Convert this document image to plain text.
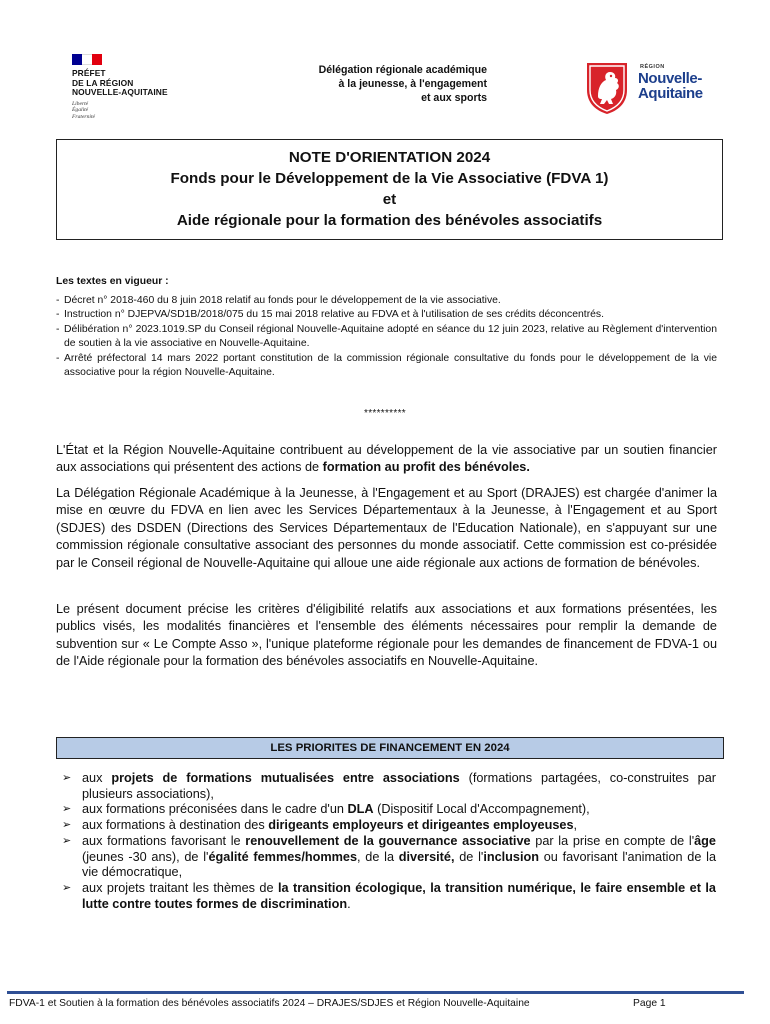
PRÉFET
DE LA RÉGION
NOUVELLE-AQUITAINE
Liberté
Égalité
Fraternité
Délégation régionale académique
à la jeunesse, à l'engagement
et aux sports
RÉGION
Nouvelle-
Aquitaine
NOTE D'ORIENTATION 2024
Fonds pour le Développement de la Vie Associative (FDVA 1)
et
Aide régionale pour la formation des bénévoles associatifs
Les textes en vigueur :
- Décret n° 2018-460 du 8 juin 2018 relatif au fonds pour le développement de la vie associative.
- Instruction n° DJEPVA/SD1B/2018/075 du 15 mai 2018 relative au FDVA et à l'utilisation de ses crédits déconcentrés.
- Délibération n° 2023.1019.SP du Conseil régional Nouvelle-Aquitaine adopté en séance du 12 juin 2023, relative au Règlement d'intervention de soutien à la vie associative en Nouvelle-Aquitaine.
- Arrêté préfectoral 14 mars 2022 portant constitution de la commission régionale consultative du fonds pour le développement de la vie associative pour la région Nouvelle-Aquitaine.
**********
L'État et la Région Nouvelle-Aquitaine contribuent au développement de la vie associative par un soutien financier aux associations qui présentent des actions de formation au profit des bénévoles.
La Délégation Régionale Académique à la Jeunesse, à l'Engagement et au Sport (DRAJES) est chargée d'animer la mise en œuvre du FDVA en lien avec les Services Départementaux à la Jeunesse, à l'Engagement et au Sport (SDJES) des DSDEN (Directions des Services Départementaux de l'Education Nationale), en s'appuyant sur une commission régionale consultative associant des personnes du monde associatif. Cette commission est co-présidée par le Conseil régional de Nouvelle-Aquitaine qui alloue une aide régionale aux actions de formation de bénévoles.
Le présent document précise les critères d'éligibilité relatifs aux associations et aux formations présentées, les publics visés, les modalités financières et l'ensemble des éléments nécessaires pour remplir la demande de subvention sur « Le Compte Asso », l'unique plateforme régionale pour les demandes de financement de FDVA-1 ou de l'Aide régionale pour la formation des bénévoles associatifs en Nouvelle-Aquitaine.
LES PRIORITES DE FINANCEMENT EN 2024
➢ aux projets de formations mutualisées entre associations (formations partagées, co-construites par plusieurs associations),
➢ aux formations préconisées dans le cadre d'un DLA (Dispositif Local d'Accompagnement),
➢ aux formations à destination des dirigeants employeurs et dirigeantes employeuses,
➢ aux formations favorisant le renouvellement de la gouvernance associative par la prise en compte de l'âge (jeunes -30 ans), de l'égalité femmes/hommes, de la diversité, de l'inclusion ou favorisant l'animation de la vie démocratique,
➢ aux projets traitant les thèmes de la transition écologique, la transition numérique, le faire ensemble et la lutte contre toutes formes de discrimination.
FDVA-1 et Soutien à la formation des bénévoles associatifs 2024 – DRAJES/SDJES et Région Nouvelle-Aquitaine	Page 1
